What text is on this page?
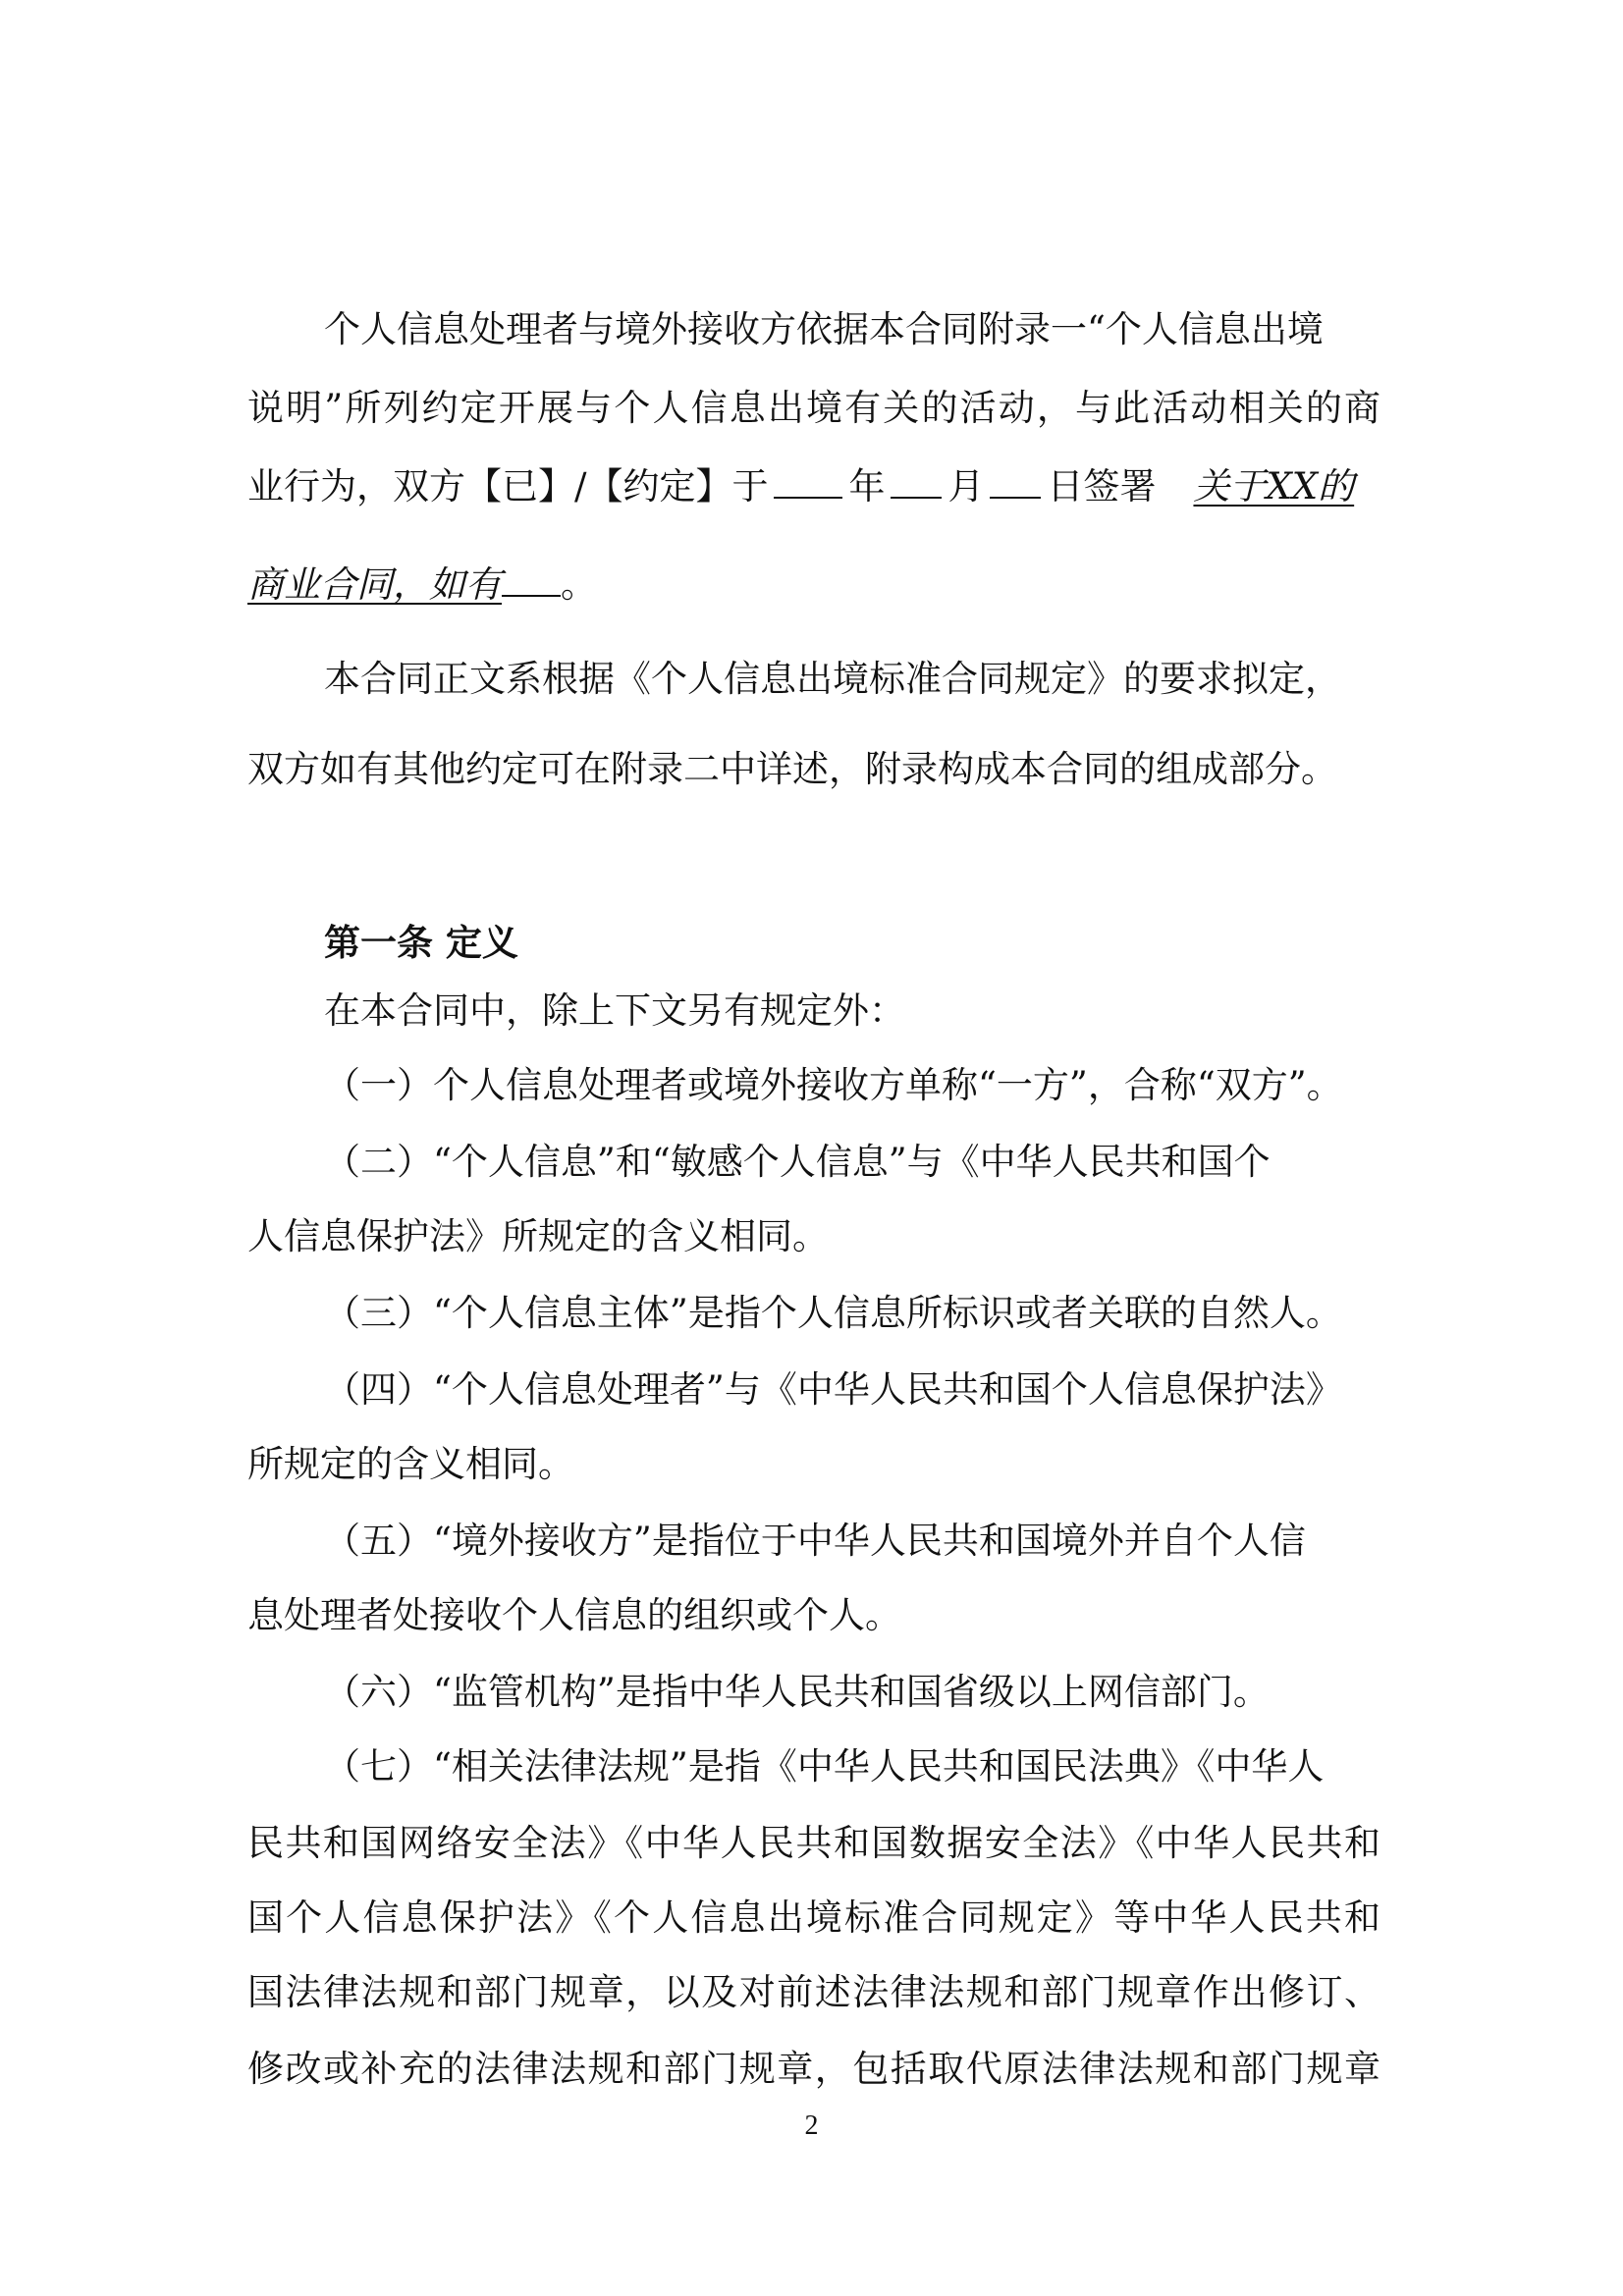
个人信息处理者与境外接收方依据本合同附录一“个人信息出境
说明”所列约定开展与个人信息出境有关的活动，与此活动相关的商
业行为，双方【已】/【约定】于 年 月 日签署 关于XX的
商业合同，如有 。
本合同正文系根据《个人信息出境标准合同规定》的要求拟定，
双方如有其他约定可在附录二中详述，附录构成本合同的组成部分。
第一条 定义
在本合同中，除上下文另有规定外：
（一）个人信息处理者或境外接收方单称“一方”，合称“双方”。
（二）“个人信息”和“敏感个人信息”与《中华人民共和国个
人信息保护法》所规定的含义相同。
（三）“个人信息主体”是指个人信息所标识或者关联的自然人。
（四）“个人信息处理者”与《中华人民共和国个人信息保护法》
所规定的含义相同。
（五）“境外接收方”是指位于中华人民共和国境外并自个人信
息处理者处接收个人信息的组织或个人。
（六）“监管机构”是指中华人民共和国省级以上网信部门。
（七）“相关法律法规”是指《中华人民共和国民法典》《中华人
民共和国网络安全法》《中华人民共和国数据安全法》《中华人民共和
国个人信息保护法》《个人信息出境标准合同规定》等中华人民共和
国法律法规和部门规章，以及对前述法律法规和部门规章作出修订、
修改或补充的法律法规和部门规章，包括取代原法律法规和部门规章
2
